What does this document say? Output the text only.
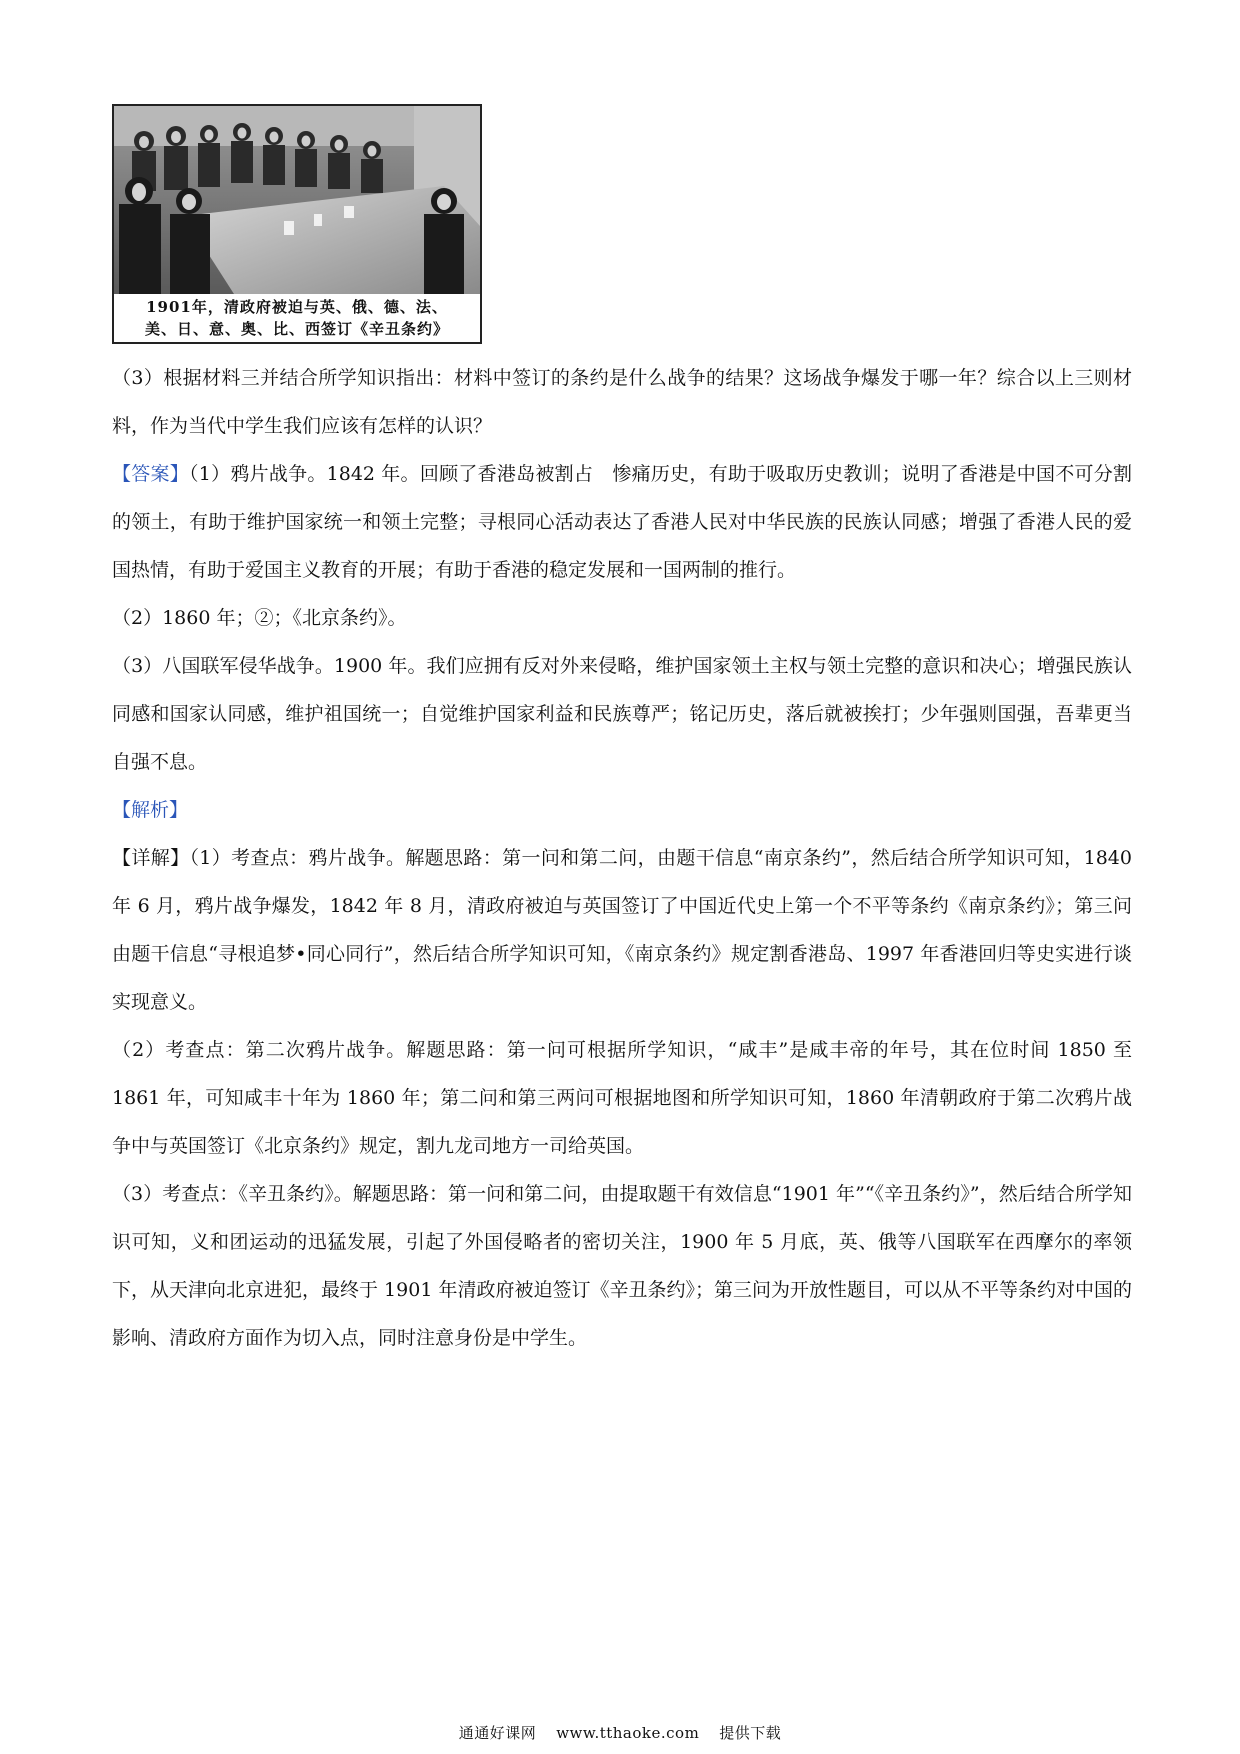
1901年，清政府被迫与英、俄、德、法、
美、日、意、奥、比、西签订《辛丑条约》

（3）根据材料三并结合所学知识指出：材料中签订的条约是什么战争的结果？这场战争爆发于哪一年？综合以上三则材料，作为当代中学生我们应该有怎样的认识？

【答案】（1）鸦片战争。1842 年。回顾了香港岛被割占　惨痛历史，有助于吸取历史教训；说明了香港是中国不可分割的领土，有助于维护国家统一和领土完整；寻根同心活动表达了香港人民对中华民族的民族认同感；增强了香港人民的爱国热情，有助于爱国主义教育的开展；有助于香港的稳定发展和一国两制的推行。

（2）1860 年；②；《北京条约》。

（3）八国联军侵华战争。1900 年。我们应拥有反对外来侵略，维护国家领土主权与领土完整的意识和决心；增强民族认同感和国家认同感，维护祖国统一；自觉维护国家利益和民族尊严；铭记历史，落后就被挨打；少年强则国强，吾辈更当自强不息。

【解析】

【详解】（1）考查点：鸦片战争。解题思路：第一问和第二问，由题干信息“南京条约”，然后结合所学知识可知，1840 年 6 月，鸦片战争爆发，1842 年 8 月，清政府被迫与英国签订了中国近代史上第一个不平等条约《南京条约》；第三问由题干信息“寻根追梦•同心同行”，然后结合所学知识可知，《南京条约》规定割香港岛、1997 年香港回归等史实进行谈实现意义。

（2）考查点：第二次鸦片战争。解题思路：第一问可根据所学知识，“咸丰”是咸丰帝的年号，其在位时间 1850 至 1861 年，可知咸丰十年为 1860 年；第二问和第三两问可根据地图和所学知识可知，1860 年清朝政府于第二次鸦片战争中与英国签订《北京条约》规定，割九龙司地方一司给英国。

（3）考查点：《辛丑条约》。解题思路：第一问和第二问，由提取题干有效信息“1901 年”“《辛丑条约》”，然后结合所学知识可知，义和团运动的迅猛发展，引起了外国侵略者的密切关注，1900 年 5 月底，英、俄等八国联军在西摩尔的率领下，从天津向北京进犯，最终于 1901 年清政府被迫签订《辛丑条约》；第三问为开放性题目，可以从不平等条约对中国的影响、清政府方面作为切入点，同时注意身份是中学生。

通通好课网 www.tthaoke.com 提供下载
